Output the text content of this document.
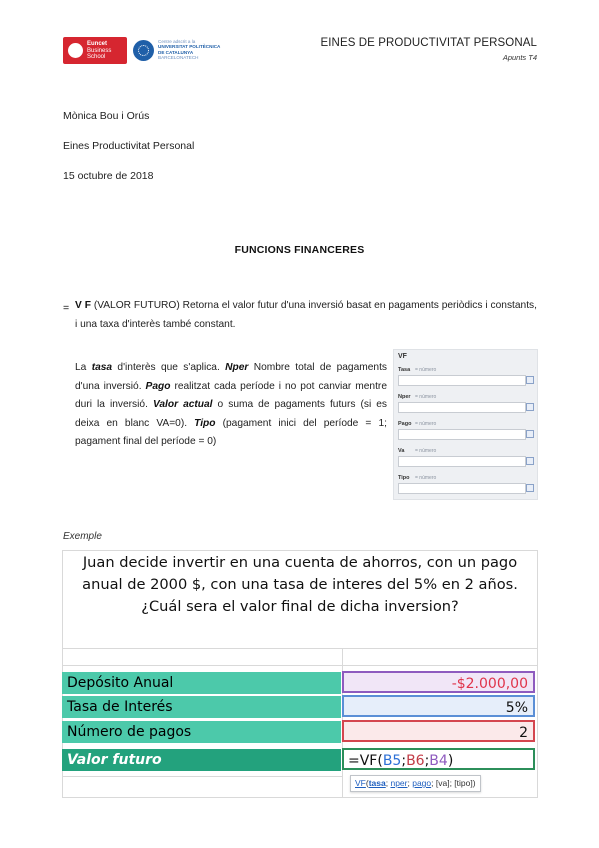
Euncet
Business
School
Centre adscrit a la
UNIVERSITAT POLITÈCNICA
DE CATALUNYA
BARCELONATECH
EINES DE PRODUCTIVITAT PERSONAL
Apunts T4
Mònica Bou i Orús
Eines Productivitat Personal
15 octubre de 2018
FUNCIONS FINANCERES
= V F (VALOR FUTURO) Retorna el valor futur d'una inversió basat en pagaments periòdics i constants, i una taxa d'interès també constant.
La tasa d'interès que s'aplica. Nper Nombre total de pagaments d'una inversió. Pago realitzat cada període i no pot canviar mentre duri la inversió. Valor actual o suma de pagaments futurs (si es deixa en blanc VA=0). Tipo (pagament inici del període = 1; pagament final del període = 0)
VF
Tasa = número
Nper = número
Pago = número
Va = número
Tipo = número
Exemple
Juan decide invertir en una cuenta de ahorros, con un pago
anual de 2000 $, con una tasa de interes del 5% en 2 años.
¿Cuál sera el valor final de dicha inversion?
Depósito Anual	-$2.000,00
Tasa de Interés	5%
Número de pagos	2
Valor futuro	=VF(B5;B6;B4)
VF(tasa; nper; pago; [va]; [tipo])
